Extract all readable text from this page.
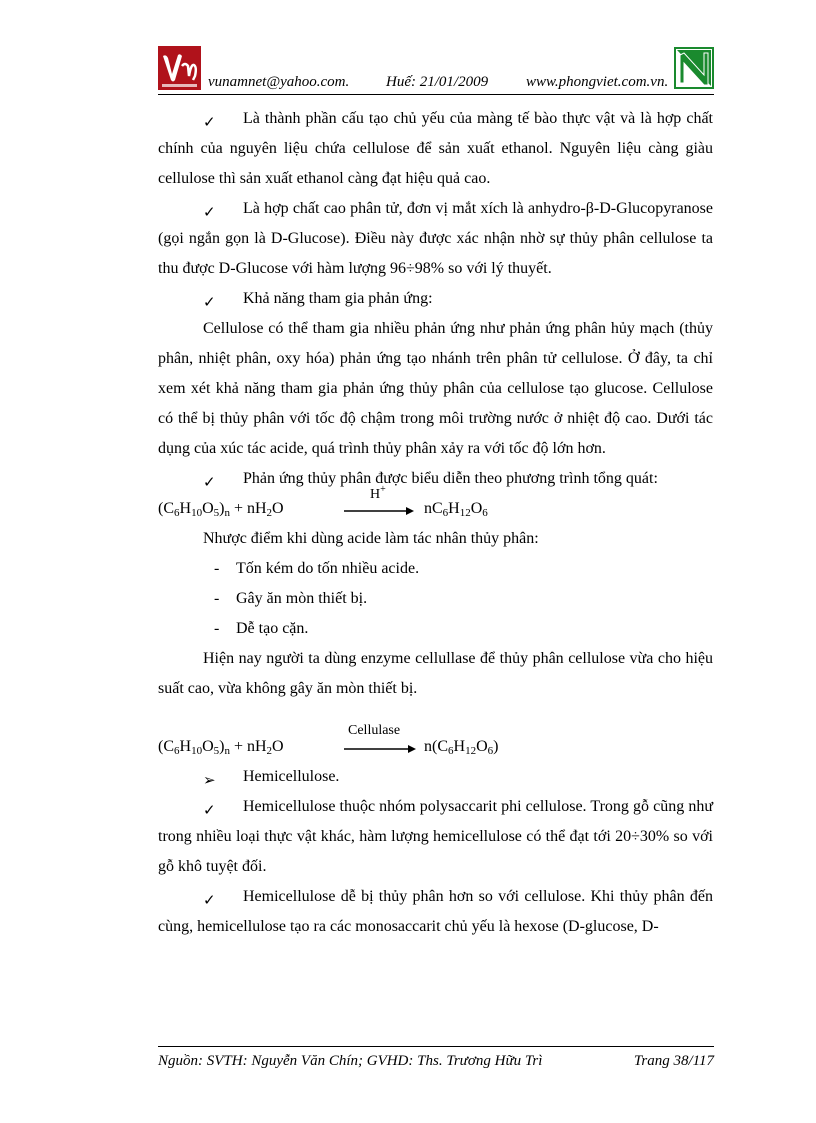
vunamnet@yahoo.com. Huế: 21/01/2009	www.phongviet.com.vn.

✓ Là thành phần cấu tạo chủ yếu của màng tế bào thực vật và là hợp chất chính của nguyên liệu chứa cellulose để sản xuất ethanol. Nguyên liệu càng giàu cellulose thì sản xuất ethanol càng đạt hiệu quả cao.

✓ Là hợp chất cao phân tử, đơn vị mắt xích là anhydro-β-D-Glucopyranose (gọi ngắn gọn là D-Glucose). Điều này được xác nhận nhờ sự thủy phân cellulose ta thu được D-Glucose với hàm lượng 96÷98% so với lý thuyết.

✓ Khả năng tham gia phản ứng:

Cellulose có thể tham gia nhiều phản ứng như phản ứng phân hủy mạch (thủy phân, nhiệt phân, oxy hóa) phản ứng tạo nhánh trên phân tử cellulose. Ở đây, ta chỉ xem xét khả năng tham gia phản ứng thủy phân của cellulose tạo glucose. Cellulose có thể bị thủy phân với tốc độ chậm trong môi trường nước ở nhiệt độ cao. Dưới tác dụng của xúc tác acide, quá trình thủy phân xảy ra với tốc độ lớn hơn.

✓ Phản ứng thủy phân được biểu diễn theo phương trình tổng quát:

$(C_6H_{10}O_5)_n + nH_2O$
H+
$nC_6H_{12}O_6$

Nhược điểm khi dùng acide làm tác nhân thủy phân:

- Tốn kém do tốn nhiều acide.

- Gây ăn mòn thiết bị.

- Dễ tạo cặn.

Hiện nay người ta dùng enzyme cellullase để thủy phân cellulose vừa cho hiệu suất cao, vừa không gây ăn mòn thiết bị.

$(C_6H_{10}O_5)_n + nH_2O$
Cellulase
$n(C_6H_{12}O_6)$

➢ Hemicellulose.

✓ Hemicellulose thuộc nhóm polysaccarit phi cellulose. Trong gỗ cũng như trong nhiều loại thực vật khác, hàm lượng hemicellulose có thể đạt tới 20÷30% so với gỗ khô tuyệt đối.

✓ Hemicellulose dễ bị thủy phân hơn so với cellulose. Khi thủy phân đến cùng, hemicellulose tạo ra các monosaccarit chủ yếu là hexose (D-glucose, D-

Nguồn: SVTH: Nguyễn Văn Chín; GVHD: Ths. Trương Hữu Trì	Trang 38/117
